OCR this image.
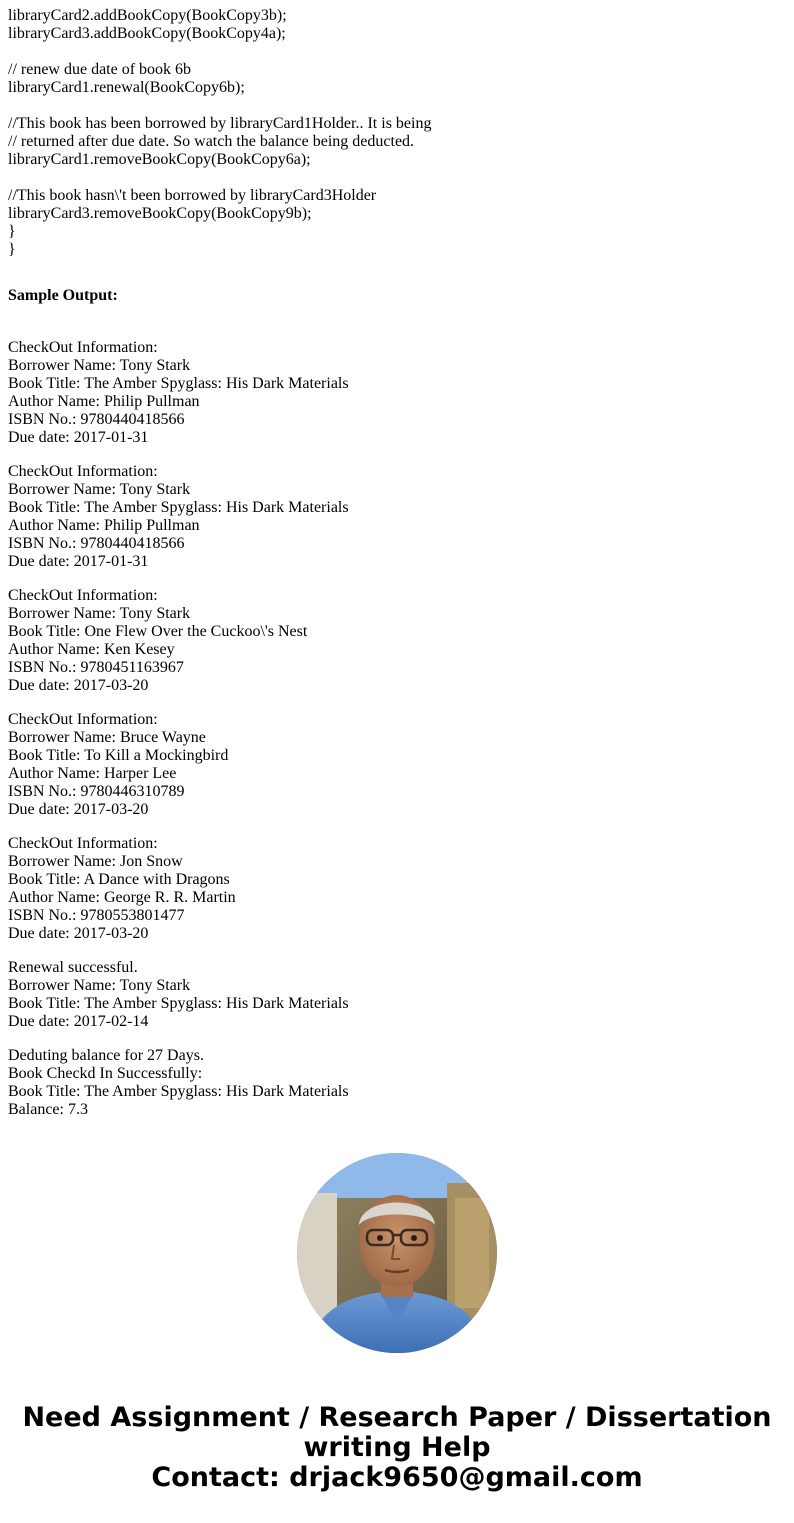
libraryCard2.addBookCopy(BookCopy3b);
libraryCard3.addBookCopy(BookCopy4a);
// renew due date of book 6b
libraryCard1.renewal(BookCopy6b);
//This book has been borrowed by libraryCard1Holder.. It is being
// returned after due date. So watch the balance being deducted.
libraryCard1.removeBookCopy(BookCopy6a);
//This book hasn\'t been borrowed by libraryCard3Holder
libraryCard3.removeBookCopy(BookCopy9b);
}
}
Sample Output:
CheckOut Information:
Borrower Name: Tony Stark
Book Title: The Amber Spyglass: His Dark Materials
Author Name: Philip Pullman
ISBN No.: 9780440418566
Due date: 2017-01-31
CheckOut Information:
Borrower Name: Tony Stark
Book Title: The Amber Spyglass: His Dark Materials
Author Name: Philip Pullman
ISBN No.: 9780440418566
Due date: 2017-01-31
CheckOut Information:
Borrower Name: Tony Stark
Book Title: One Flew Over the Cuckoo\'s Nest
Author Name: Ken Kesey
ISBN No.: 9780451163967
Due date: 2017-03-20
CheckOut Information:
Borrower Name: Bruce Wayne
Book Title: To Kill a Mockingbird
Author Name: Harper Lee
ISBN No.: 9780446310789
Due date: 2017-03-20
CheckOut Information:
Borrower Name: Jon Snow
Book Title: A Dance with Dragons
Author Name: George R. R. Martin
ISBN No.: 9780553801477
Due date: 2017-03-20
Renewal successful.
Borrower Name: Tony Stark
Book Title: The Amber Spyglass: His Dark Materials
Due date: 2017-02-14
Deduting balance for 27 Days.
Book Checkd In Successfully:
Book Title: The Amber Spyglass: His Dark Materials
Balance: 7.3
Need Assignment / Research Paper / Dissertation
writing Help
Contact: drjack9650@gmail.com
